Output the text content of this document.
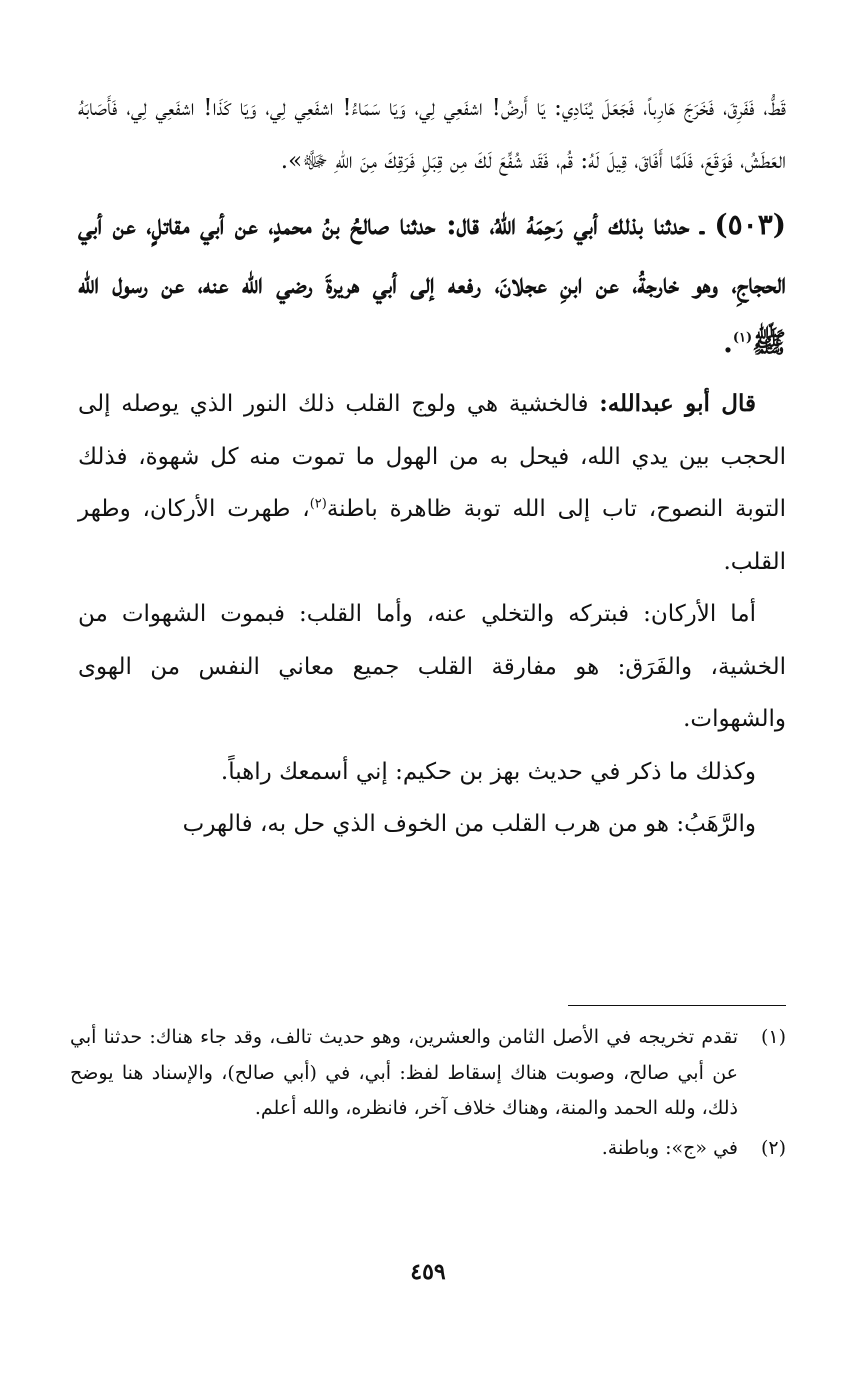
قَطُّ، فَفَرِقَ، فَخَرَجَ هَارِباً، فَجَعَلَ يُنَادِي: يَا أَرضُ! اشفَعِي لِي، وَيَا سَمَاءُ! اشفَعِي لِي، وَيَا كَذَا! اشفَعِي لِي، فَأَصَابَهُ العَطَشُ، فَوَقَعَ، فَلَمَّا أَفَاقَ، قِيلَ لَهُ: قُم، فَقَد شُفِّعَ لَكَ مِن قِبَلِ فَرَقِكَ مِنَ اللهِ ﷻ».

(٥٠٣) ـ حدثنا بذلك أبي رَحِمَهُ اللهُ، قال: حدثنا صالحُ بنُ محمدٍ، عن أبي مقاتلٍ، عن أبي الحجاجِ، وهو خارجةُ، عن ابنِ عجلانَ، رفعه إلى أبي هريرةَ رضي الله عنه، عن رسول الله ﷺ$^{(١)}$.

قال أبو عبدالله: فالخشية هي ولوج القلب ذلك النور الذي يوصله إلى الحجب بين يدي الله، فيحل به من الهول ما تموت منه كل شهوة، فذلك التوبة النصوح، تاب إلى الله توبة ظاهرة باطنة$^{(٢)}$، طهرت الأركان، وطهر القلب.

أما الأركان: فبتركه والتخلي عنه، وأما القلب: فبموت الشهوات من الخشية، والفَرَق: هو مفارقة القلب جميع معاني النفس من الهوى والشهوات.

وكذلك ما ذكر في حديث بهز بن حكيم: إني أسمعك راهباً.

والرَّهَبُ: هو من هرب القلب من الخوف الذي حل به، فالهرب

(١)
تقدم تخريجه في الأصل الثامن والعشرين، وهو حديث تالف، وقد جاء هناك: حدثنا أبي عن أبي صالح، وصوبت هناك إسقاط لفظ: أبي، في (أبي صالح)، والإسناد هنا يوضح ذلك، ولله الحمد والمنة، وهناك خلاف آخر، فانظره، والله أعلم.

(٢)
في «ج»: وباطنة.

٤٥٩
